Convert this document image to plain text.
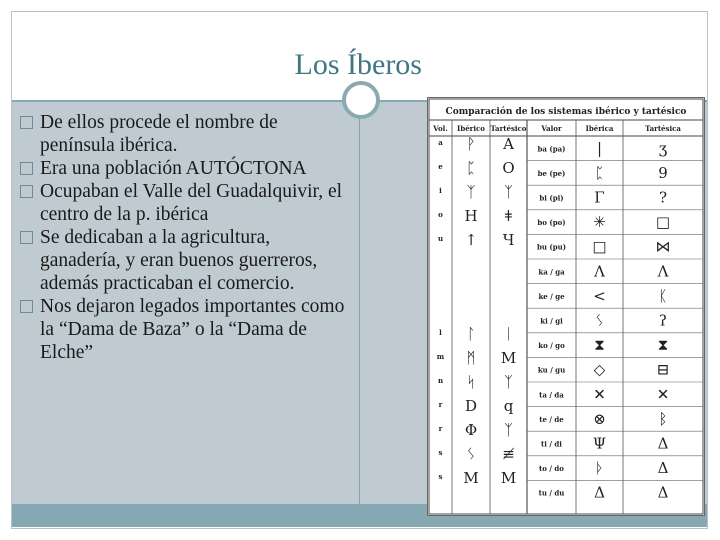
Los Íberos
De ellos procede el nombre de península ibérica.
Era una población AUTÓCTONA
Ocupaban el Valle del Guadalquivir, el centro de la p. ibérica
Se dedicaban a la agricultura, ganadería, y eran buenos guerreros, además practicaban el comercio.
Nos dejaron legados importantes como la “Dama de Baza” o la “Dama de Elche”
Comparación de los sistemas ibérico y tartésico
Vol. Ibérico Tartésico Valor	Ibérica	Tartésica
a ᚹ A
e ᛈ O
i ᛉ ᛉ
o H ǂ
u ↑ Ч
l ᛚ ᛁ
m ᛗ M
n ᛋ ᛉ
r D q
r Φ ᛉ
s ᛊ ≢
s M M
ba (pa) |	ʒ
be (pe) ᛈ	9
bi (pi) Γ	?
bo (po) ✳	□
bu (pu) □	⋈
ka / ga Λ	Λ
ke / ge <	ᛕ
ki / gi ᛊ	ʔ
ko / go ⧗	⧗
ku / gu ◇	⊟
ta / da ✕	✕
te / de ⊗	ᛒ
ti / di Ψ	Δ
to / do ᚦ	Δ
tu / du Δ	Δ
